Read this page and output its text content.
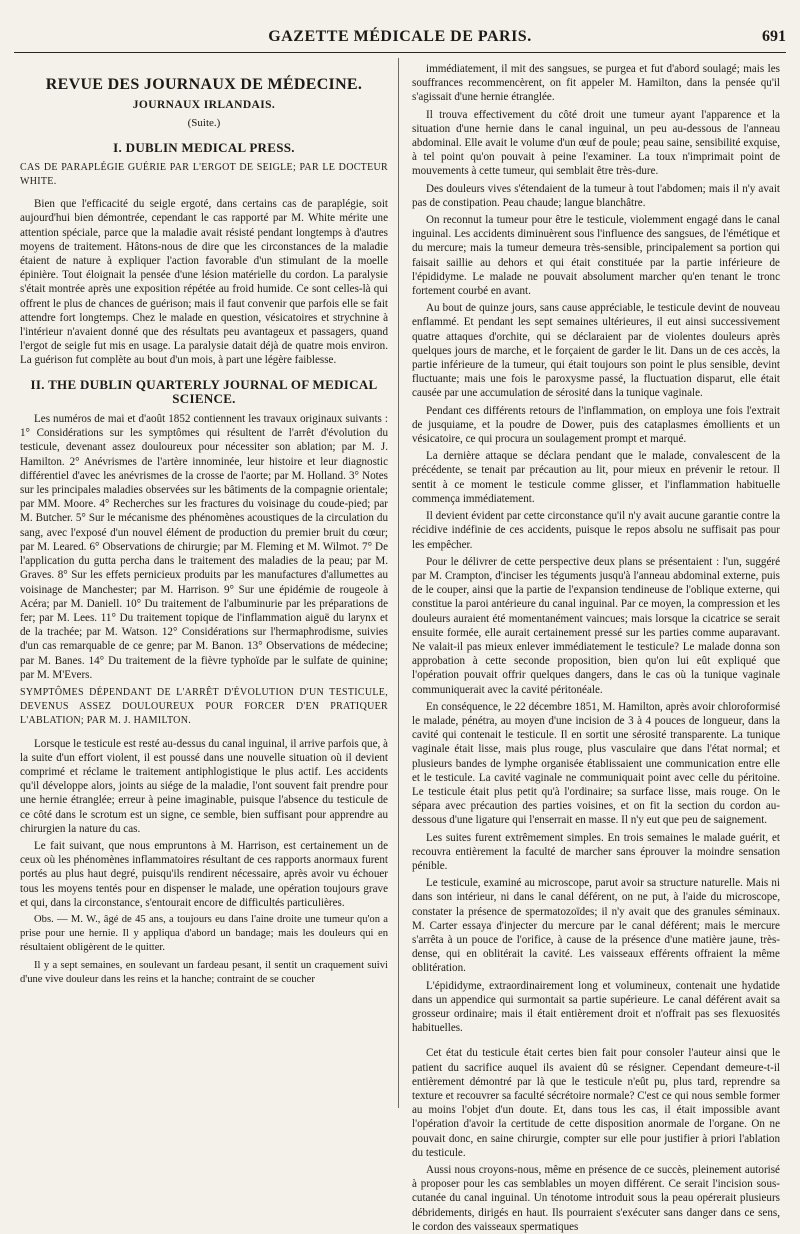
GAZETTE MÉDICALE DE PARIS.	691
REVUE DES JOURNAUX DE MÉDECINE.
JOURNAUX IRLANDAIS.
(Suite.)
I. DUBLIN MEDICAL PRESS.
CAS DE PARAPLÉGIE GUÉRIE PAR L'ERGOT DE SEIGLE; PAR LE DOCTEUR WHITE.

Bien que l'efficacité du seigle ergoté, dans certains cas de paraplégie, soit aujourd'hui bien démontrée, cependant le cas rapporté par M. White mérite une attention spéciale, parce que la maladie avait résisté pendant longtemps à d'autres moyens de traitement. Hâtons-nous de dire que les circonstances de la maladie étaient de nature à expliquer l'action favorable d'un stimulant de la moelle épinière. Tout éloignait la pensée d'une lésion matérielle du cordon. La paralysie s'était montrée après une exposition répétée au froid humide. Ce sont celles-là qui offrent le plus de chances de guérison; mais il faut convenir que parfois elle se fait attendre fort longtemps. Chez le malade en question, vésicatoires et strychnine à l'intérieur n'avaient donné que des résultats peu avantageux et passagers, quand l'ergot de seigle fut mis en usage. La paralysie datait déjà de quatre mois environ. La guérison fut complète au bout d'un mois, à part une légère faiblesse.

II. THE DUBLIN QUARTERLY JOURNAL OF MEDICAL SCIENCE.

Les numéros de mai et d'août 1852 contiennent les travaux originaux suivants : 1° Considérations sur les symptômes qui résultent de l'arrêt d'évolution du testicule, devenant assez douloureux pour nécessiter son ablation; par M. J. Hamilton. 2° Anévrismes de l'artère innominée, leur histoire et leur diagnostic différentiel d'avec les anévrismes de la crosse de l'aorte; par M. Holland. 3° Notes sur les principales maladies observées sur les bâtiments de la compagnie orientale; par MM. Moore. 4° Recherches sur les fractures du voisinage du coude-pied; par M. Butcher. 5° Sur le mécanisme des phénomènes acoustiques de la circulation du sang, avec l'exposé d'un nouvel élément de production du premier bruit du cœur; par M. Leared. 6° Observations de chirurgie; par M. Fleming et M. Wilmot. 7° De l'application du gutta percha dans le traitement des maladies de la peau; par M. Graves. 8° Sur les effets pernicieux produits par les manufactures d'allumettes au voisinage de Manchester; par M. Harrison. 9° Sur une épidémie de rougeole à Acéra; par M. Daniell. 10° Du traitement de l'albuminurie par les préparations de fer; par M. Lees. 11° Du traitement topique de l'inflammation aiguë du larynx et de la trachée; par M. Watson. 12° Considérations sur l'hermaphrodisme, suivies d'un cas remarquable de ce genre; par M. Banon. 13° Observations de médecine; par M. Banes. 14° Du traitement de la fièvre typhoïde par le sulfate de quinine; par M. M'Evers.

SYMPTÔMES DÉPENDANT DE L'ARRÊT D'ÉVOLUTION D'UN TESTICULE, DEVENUS ASSEZ DOULOUREUX POUR FORCER D'EN PRATIQUER L'ABLATION; PAR M. J. HAMILTON.

Lorsque le testicule est resté au-dessus du canal inguinal, il arrive parfois que, à la suite d'un effort violent, il est poussé dans une nouvelle situation où il devient comprimé et réclame le traitement antiphlogistique le plus actif. Les accidents qu'il développe alors, joints au siége de la maladie, l'ont souvent fait prendre pour une hernie étranglée; erreur à peine imaginable, puisque l'absence du testicule de ce côté dans le scrotum est un signe, ce semble, bien suffisant pour apprendre au chirurgien la nature du cas.

Le fait suivant, que nous empruntons à M. Harrison, est certainement un de ceux où les phénomènes inflammatoires résultant de ces rapports anormaux furent portés au plus haut degré, puisqu'ils rendirent nécessaire, après avoir vu échouer tous les moyens tentés pour en dispenser le malade, une opération toujours grave et qui, dans la circonstance, s'entourait encore de difficultés particulières.

Obs. — M. W., âgé de 45 ans, a toujours eu dans l'aine droite une tumeur qu'on a prise pour une hernie. Il y appliqua d'abord un bandage; mais les douleurs qui en résultaient obligèrent de le quitter.

Il y a sept semaines, en soulevant un fardeau pesant, il sentit un craquement suivi d'une vive douleur dans les reins et la hanche; contraint de se coucher

immédiatement, il mit des sangsues, se purgea et fut d'abord soulagé; mais les souffrances recommencèrent, on fit appeler M. Hamilton, dans la pensée qu'il s'agissait d'une hernie étranglée.

Il trouva effectivement du côté droit une tumeur ayant l'apparence et la situation d'une hernie dans le canal inguinal, un peu au-dessous de l'anneau abdominal. Elle avait le volume d'un œuf de poule; peau saine, sensibilité exquise, à tel point qu'on pouvait à peine l'examiner. La toux n'imprimait point de mouvements à cette tumeur, qui semblait être très-dure.

Des douleurs vives s'étendaient de la tumeur à tout l'abdomen; mais il n'y avait pas de constipation. Peau chaude; langue blanchâtre.

On reconnut la tumeur pour être le testicule, violemment engagé dans le canal inguinal. Les accidents diminuèrent sous l'influence des sangsues, de l'émétique et du mercure; mais la tumeur demeura très-sensible, principalement sa portion qui faisait saillie au dehors et qui était constituée par la partie inférieure de l'épididyme. Le malade ne pouvait absolument marcher qu'en tenant le tronc fortement courbé en avant.

Au bout de quinze jours, sans cause appréciable, le testicule devint de nouveau enflammé. Et pendant les sept semaines ultérieures, il eut ainsi successivement quatre attaques d'orchite, qui se déclaraient par de violentes douleurs après quelques jours de marche, et le forçaient de garder le lit. Dans un de ces accès, la partie inférieure de la tumeur, qui était toujours son point le plus sensible, devint fluctuante; mais une fois le paroxysme passé, la fluctuation disparut, elle était causée par une accumulation de sérosité dans la tunique vaginale.

Pendant ces différents retours de l'inflammation, on employa une fois l'extrait de jusquiame, et la poudre de Dower, puis des cataplasmes émollients et un vésicatoire, ce qui procura un soulagement prompt et marqué.

La dernière attaque se déclara pendant que le malade, convalescent de la précédente, se tenait par précaution au lit, pour mieux en prévenir le retour. Il sentit à ce moment le testicule comme glisser, et l'inflammation habituelle commença immédiatement.

Il devient évident par cette circonstance qu'il n'y avait aucune garantie contre la récidive indéfinie de ces accidents, puisque le repos absolu ne suffisait pas pour les empêcher.

Pour le délivrer de cette perspective deux plans se présentaient : l'un, suggéré par M. Crampton, d'inciser les téguments jusqu'à l'anneau abdominal externe, puis de le couper, ainsi que la partie de l'expansion tendineuse de l'oblique externe, qui constitue la paroi antérieure du canal inguinal. Par ce moyen, la compression et les douleurs auraient été momentanément vaincues; mais lorsque la cicatrice se serait ensuite formée, elle aurait certainement pressé sur les parties comme auparavant. Ne valait-il pas mieux enlever immédiatement le testicule? Le malade donna son approbation à cette seconde proposition, bien qu'on lui eût expliqué que l'opération pouvait offrir quelques dangers, dans le cas où la tunique vaginale communiquerait avec la cavité péritonéale.

En conséquence, le 22 décembre 1851, M. Hamilton, après avoir chloroformisé le malade, pénétra, au moyen d'une incision de 3 à 4 pouces de longueur, dans la cavité qui contenait le testicule. Il en sortit une sérosité transparente. La tunique vaginale était lisse, mais plus rouge, plus vasculaire que dans l'état normal; et plusieurs bandes de lymphe organisée établissaient une communication entre elle et le testicule. La cavité vaginale ne communiquait point avec celle du péritoine. Le testicule était plus petit qu'à l'ordinaire; sa surface lisse, mais rouge. On le sépara avec précaution des parties voisines, et on fit la section du cordon au-dessous d'une ligature qui l'enserrait en masse. Il n'y eut que peu de saignement.

Les suites furent extrêmement simples. En trois semaines le malade guérit, et recouvra entièrement la faculté de marcher sans éprouver la moindre sensation pénible.

Le testicule, examiné au microscope, parut avoir sa structure naturelle. Mais ni dans son intérieur, ni dans le canal déférent, on ne put, à l'aide du microscope, constater la présence de spermatozoïdes; il n'y avait que des granules séminaux. M. Carter essaya d'injecter du mercure par le canal déférent; mais le mercure s'arrêta à un pouce de l'orifice, à cause de la présence d'une matière jaune, très-dense, qui en oblitérait la cavité. Les vaisseaux efférents offraient la même oblitération.

L'épididyme, extraordinairement long et volumineux, contenait une hydatide dans un appendice qui surmontait sa partie supérieure. Le canal déférent avait sa grosseur ordinaire; mais il était entièrement droit et n'offrait pas ses flexuosités habituelles.

Cet état du testicule était certes bien fait pour consoler l'auteur ainsi que le patient du sacrifice auquel ils avaient dû se résigner. Cependant demeure-t-il entièrement démontré par là que le testicule n'eût pu, plus tard, reprendre sa texture et recouvrer sa faculté sécrétoire normale? C'est ce qui nous semble former au moins l'objet d'un doute. Et, dans tous les cas, il était impossible avant l'opération d'avoir la certitude de cette disposition anormale de l'organe. On ne pouvait donc, en saine chirurgie, compter sur elle pour justifier à priori l'ablation du testicule.

Aussi nous croyons-nous, même en présence de ce succès, pleinement autorisé à proposer pour les cas semblables un moyen différent. Ce serait l'incision sous-cutanée du canal inguinal. Un ténotome introduit sous la peau opérerait plusieurs débridements, dirigés en haut. Ils pourraient s'exécuter sans danger dans ce sens, le cordon des vaisseaux spermatiques
